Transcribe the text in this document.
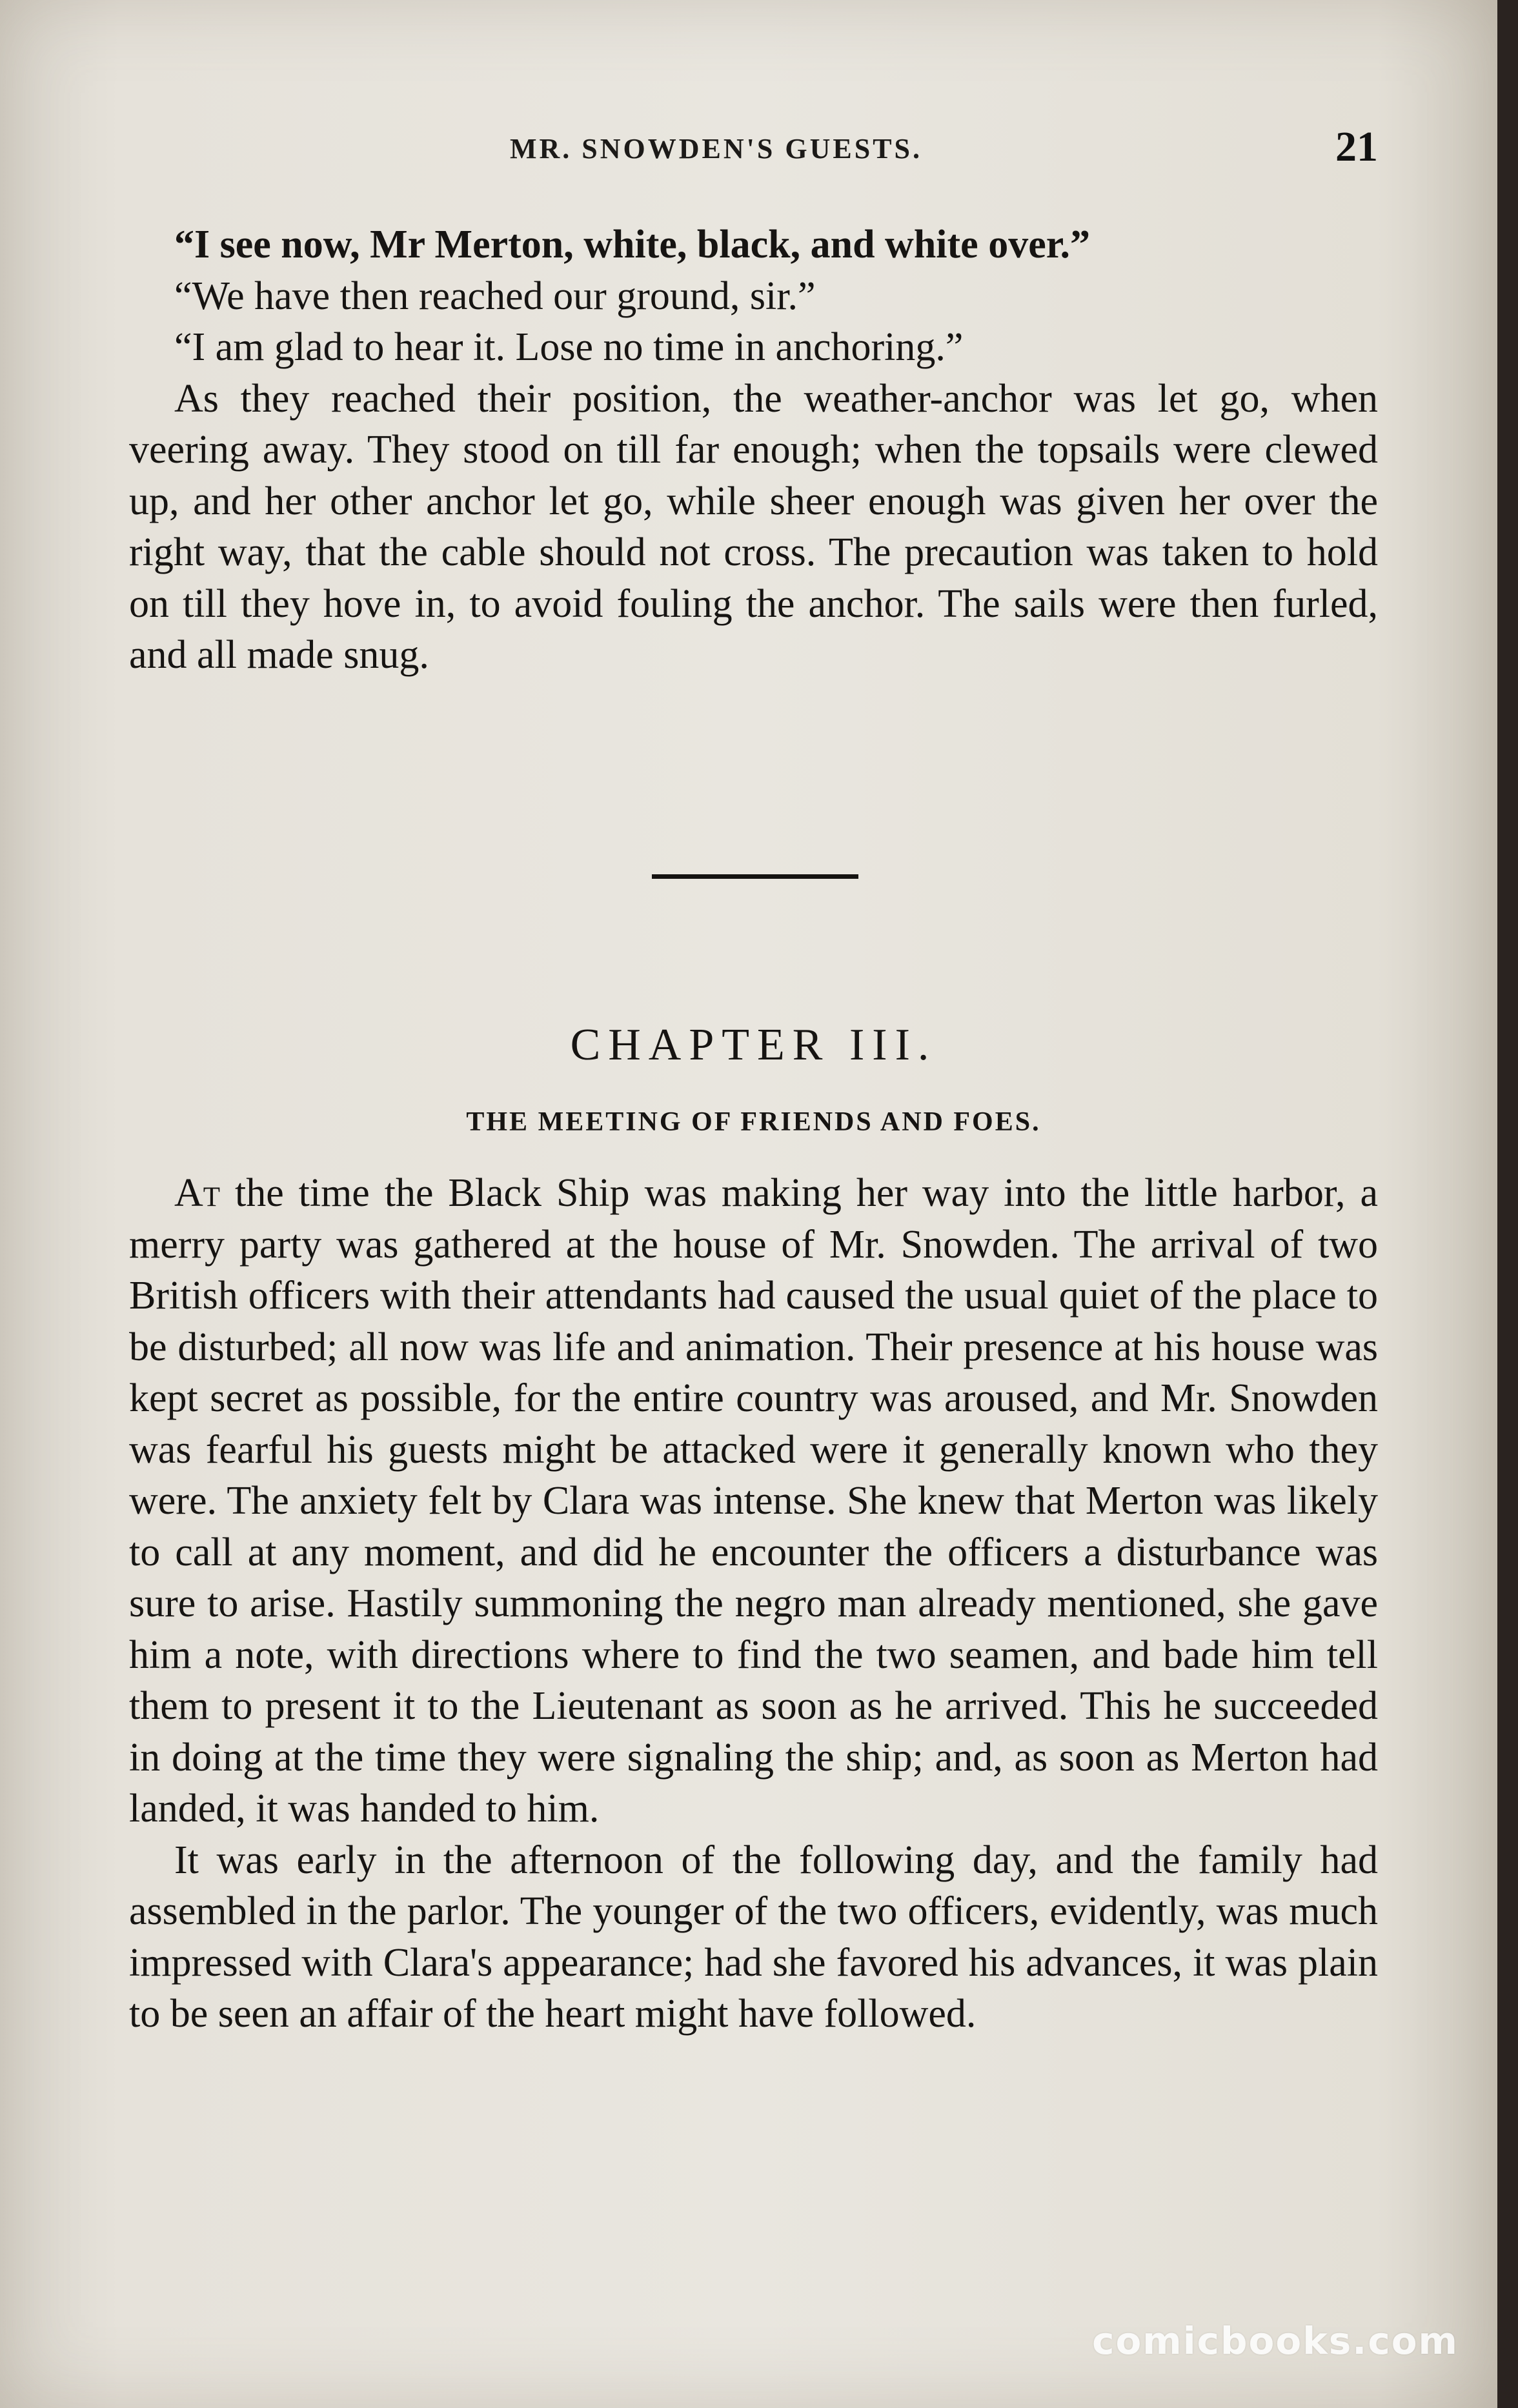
MR. SNOWDEN'S GUESTS.	21

“I see now, Mr Merton, white, black, and white over.”

“We have then reached our ground, sir.”

“I am glad to hear it. Lose no time in anchoring.”

As they reached their position, the weather-anchor was let go, when veering away. They stood on till far enough; when the topsails were clewed up, and her other anchor let go, while sheer enough was given her over the right way, that the cable should not cross. The precaution was taken to hold on till they hove in, to avoid fouling the anchor. The sails were then furled, and all made snug.

CHAPTER III.
THE MEETING OF FRIENDS AND FOES.

At the time the Black Ship was making her way into the little harbor, a merry party was gathered at the house of Mr. Snowden. The arrival of two British officers with their attendants had caused the usual quiet of the place to be disturbed; all now was life and animation. Their presence at his house was kept secret as possible, for the entire country was aroused, and Mr. Snowden was fearful his guests might be attacked were it generally known who they were. The anxiety felt by Clara was intense. She knew that Merton was likely to call at any moment, and did he encounter the officers a disturbance was sure to arise. Hastily summoning the negro man already mentioned, she gave him a note, with directions where to find the two seamen, and bade him tell them to present it to the Lieutenant as soon as he arrived. This he succeeded in doing at the time they were signaling the ship; and, as soon as Merton had landed, it was handed to him.

It was early in the afternoon of the following day, and the family had assembled in the parlor. The younger of the two officers, evidently, was much impressed with Clara's appearance; had she favored his advances, it was plain to be seen an affair of the heart might have followed.

comicbooks.com
